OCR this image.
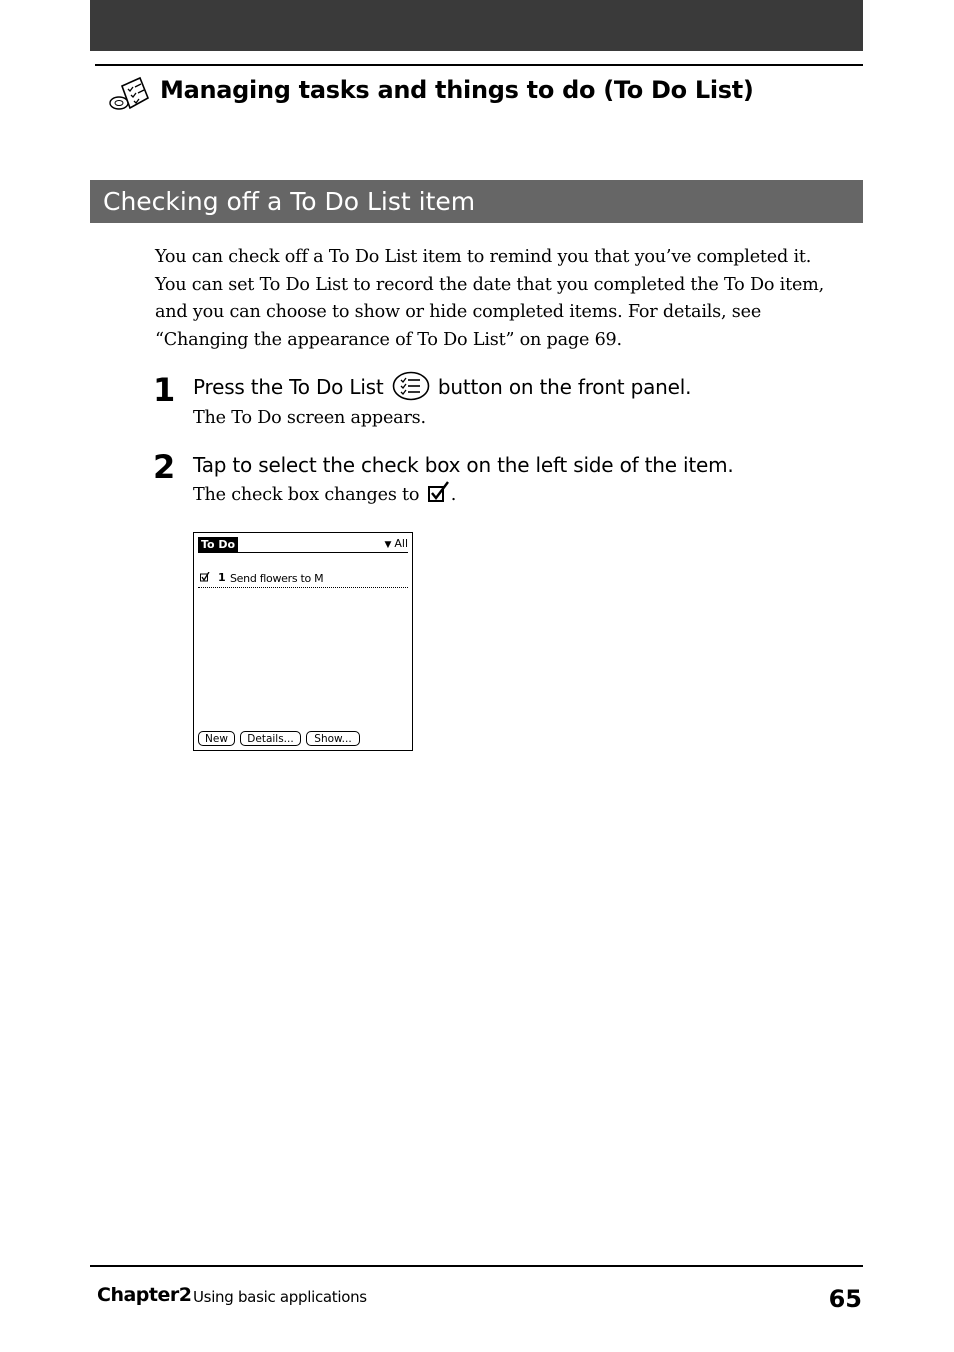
Managing tasks and things to do (To Do List)
Checking off a To Do List item

You can check off a To Do List item to remind you that you’ve completed it.
You can set To Do List to record the date that you completed the To Do item,
and you can choose to show or hide completed items. For details, see
“Changing the appearance of To Do List” on page 69.

1 Press the To Do List	button on the front panel.
The To Do screen appears.
2 Tap to select the check box on the left side of the item.
The check box changes to .
To Do	▼ All
1 Send flowers to M
New	Details...	Show...
Chapter2 Using basic applications	65
